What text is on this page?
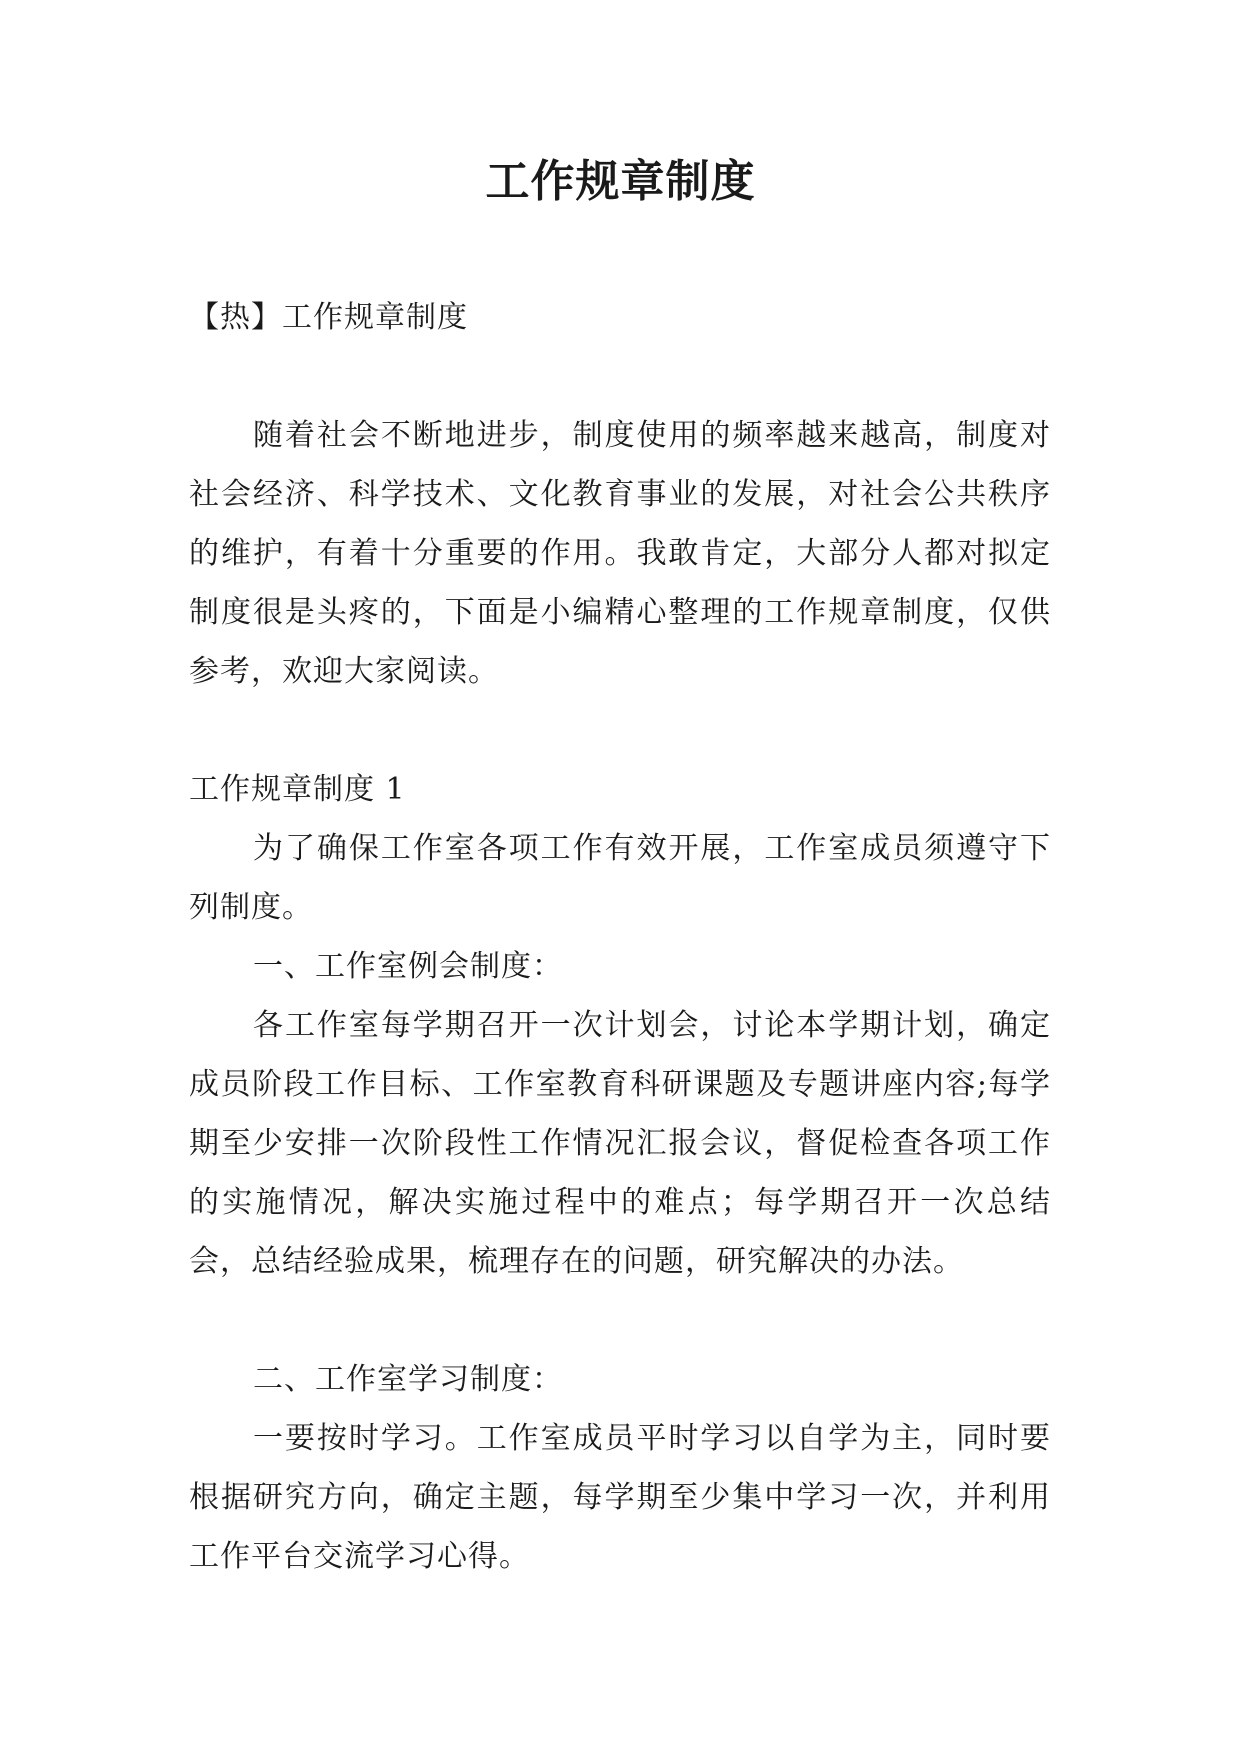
工作规章制度

【热】工作规章制度

随着社会不断地进步，制度使用的频率越来越高，制度对社会经济、科学技术、文化教育事业的发展，对社会公共秩序的维护，有着十分重要的作用。我敢肯定，大部分人都对拟定制度很是头疼的，下面是小编精心整理的工作规章制度，仅供参考，欢迎大家阅读。

工作规章制度 1

为了确保工作室各项工作有效开展，工作室成员须遵守下列制度。

一、工作室例会制度：

各工作室每学期召开一次计划会，讨论本学期计划，确定成员阶段工作目标、工作室教育科研课题及专题讲座内容;每学期至少安排一次阶段性工作情况汇报会议，督促检查各项工作的实施情况，解决实施过程中的难点；每学期召开一次总结会，总结经验成果，梳理存在的问题，研究解决的办法。

二、工作室学习制度：

一要按时学习。工作室成员平时学习以自学为主，同时要根据研究方向，确定主题，每学期至少集中学习一次，并利用工作平台交流学习心得。
